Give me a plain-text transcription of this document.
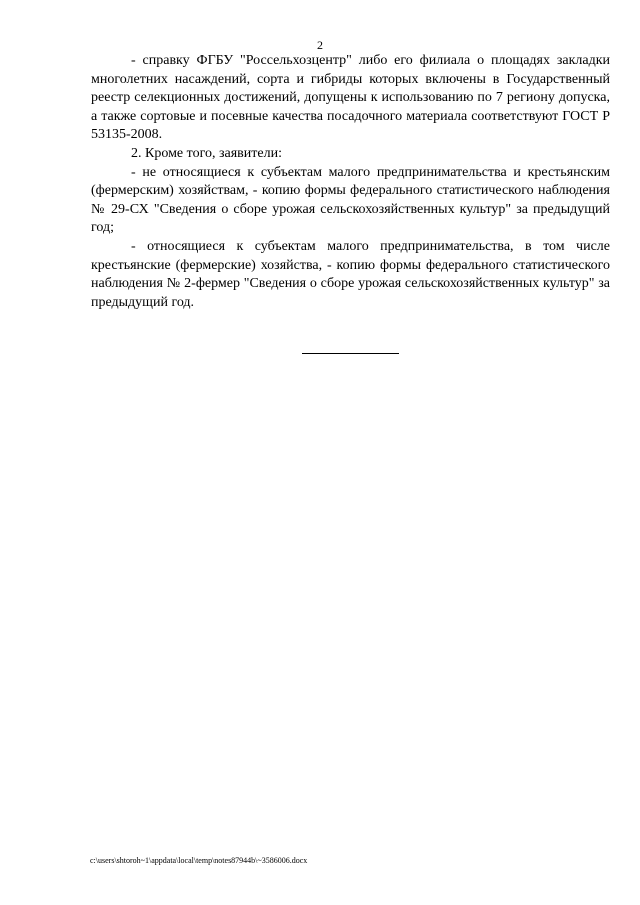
2

- справку ФГБУ "Россельхозцентр" либо его филиала о площадях закладки многолетних насаждений, сорта и гибриды которых включены в Государственный реестр селекционных достижений, допущены к использованию по 7 региону допуска, а также сортовые и посевные качества посадочного материала соответствуют ГОСТ Р 53135-2008.

2. Кроме того, заявители:

- не относящиеся к субъектам малого предпринимательства и крестьянским (фермерским) хозяйствам, - копию формы федерального статистического наблюдения № 29-СХ "Сведения о сборе урожая сельскохозяйственных культур" за предыдущий год;

- относящиеся к субъектам малого предпринимательства, в том числе крестьянские (фермерские) хозяйства, - копию формы федерального статистического наблюдения № 2-фермер "Сведения о сборе урожая сельскохозяйственных культур" за предыдущий год.

c:\users\shtoroh~1\appdata\local\temp\notes87944b\~3586006.docx
